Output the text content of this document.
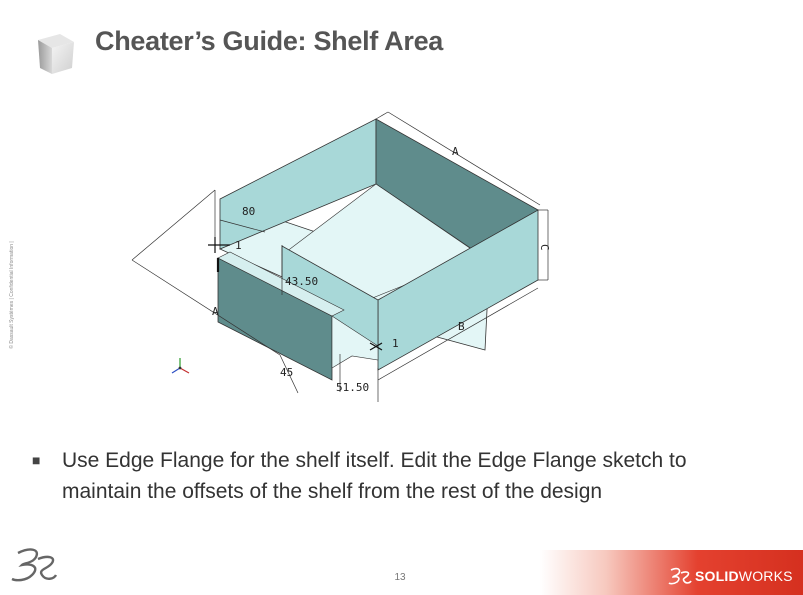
Cheater’s Guide: Shelf Area
© Dassault Systèmes | Confidential Information |
80
1
43.50
A
45
51.50
1
B
C
A
■ Use Edge Flange for the shelf itself. Edit the Edge Flange sketch to maintain the offsets of the shelf from the rest of the design
13	SOLIDWORKS
